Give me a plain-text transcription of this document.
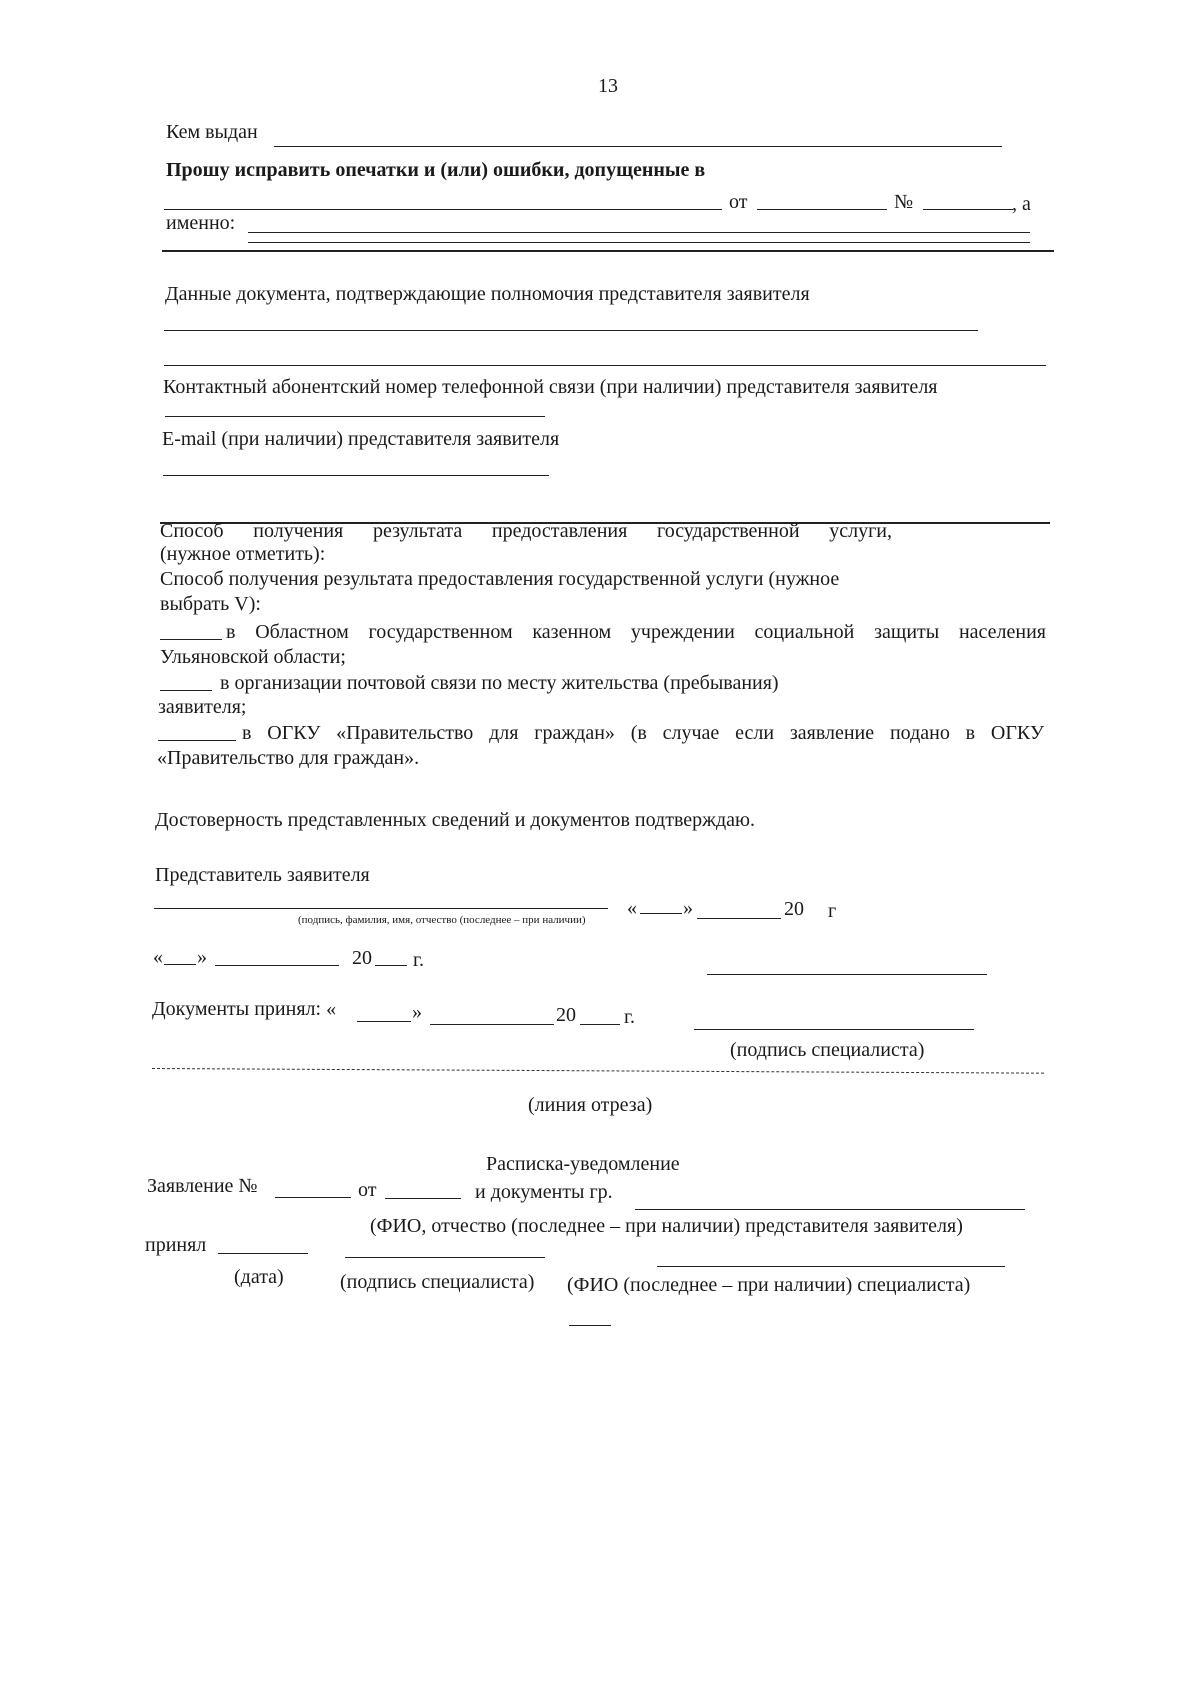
13
Кем выдан
Прошу исправить опечатки и (или) ошибки, допущенные в
от	№	, а
именно:
Данные документа, подтверждающие полномочия представителя заявителя
Контактный абонентский номер телефонной связи (при наличии) представителя заявителя
E-mail (при наличии) представителя заявителя
Способ получения результата предоставления государственной услуги,
(нужное отметить):
Способ получения результата предоставления государственной услуги (нужное
выбрать V):
в Областном государственном казенном учреждении социальной защиты населения
Ульяновской области;
в организации почтовой связи по месту жительства (пребывания)
заявителя;
в ОГКУ «Правительство для граждан» (в случае если заявление подано в ОГКУ
«Правительство для граждан».
Достоверность представленных сведений и документов подтверждаю.
Представитель заявителя
« »	20 г
(подпись, фамилия, имя, отчество (последнее – при наличии)
« »	20 г.
Документы принял: «	»	20 г.
(подпись специалиста)
(линия отреза)
Расписка-уведомление
Заявление №	от	и документы гр.
(ФИО, отчество (последнее – при наличии) представителя заявителя)
принял
(дата)	(подпись специалиста) (ФИО (последнее – при наличии) специалиста)
